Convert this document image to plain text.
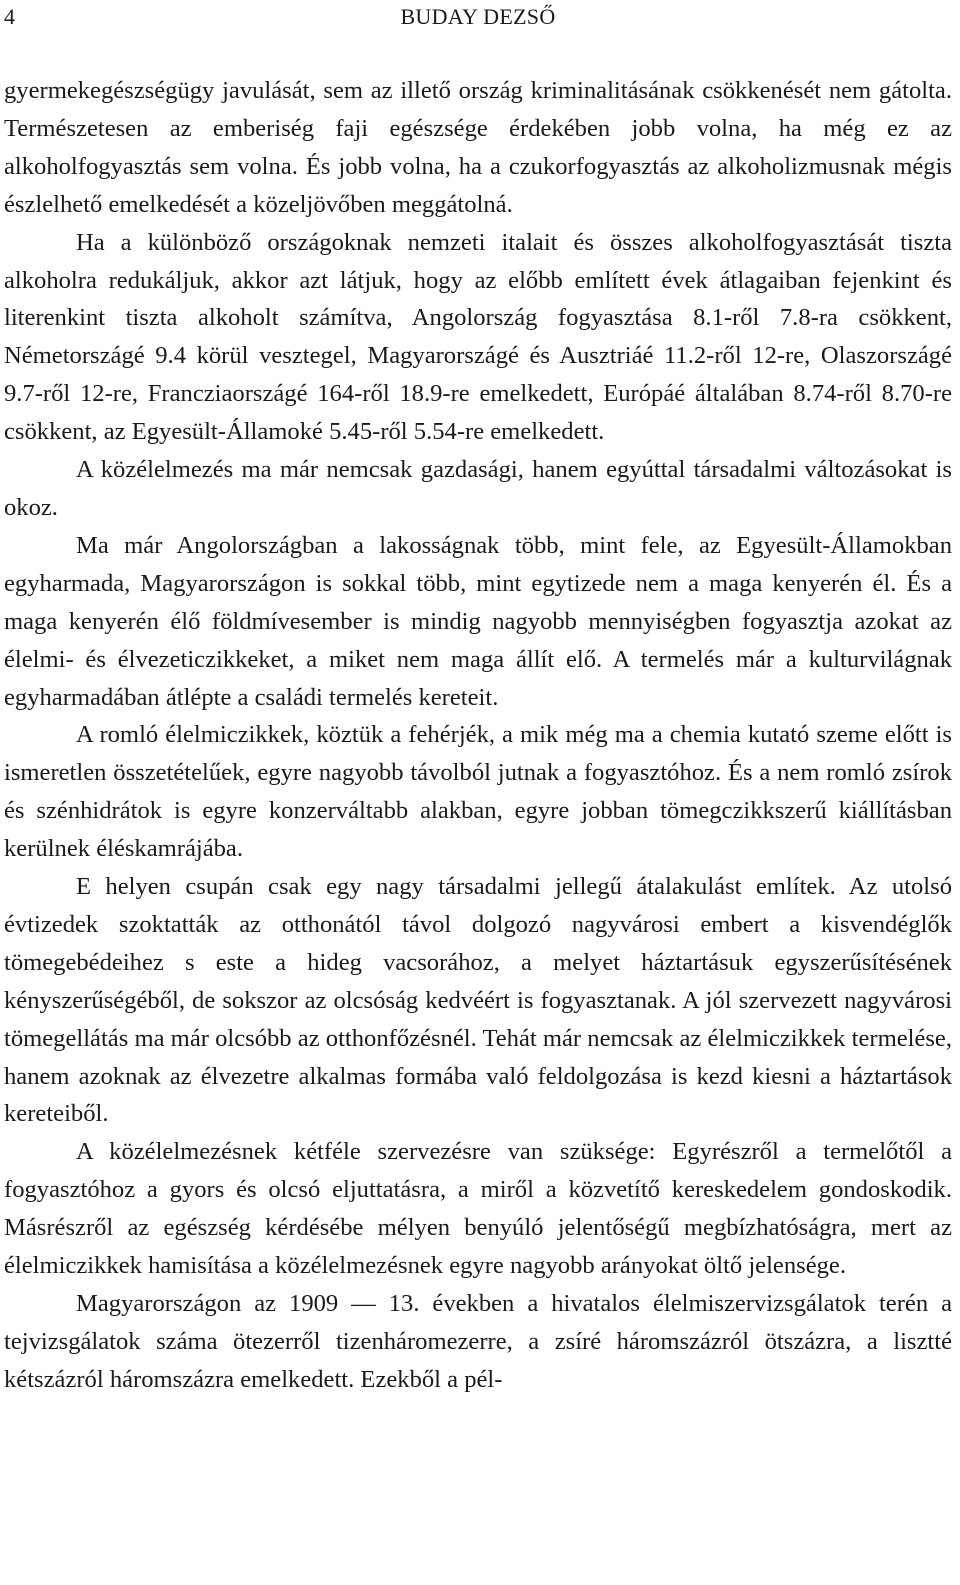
4	BUDAY DEZSŐ

gyermekegészségügy javulását, sem az illető ország kriminalitásának csökkenését nem gátolta. Természetesen az emberiség faji egészsége érdekében jobb volna, ha még ez az alkoholfogyasztás sem volna. És jobb volna, ha a czukorfogyasztás az alkoholizmusnak mégis észlelhető emelkedését a közeljövőben meggátolná.

Ha a különböző országoknak nemzeti italait és összes alkoholfogyasztását tiszta alkoholra redukáljuk, akkor azt látjuk, hogy az előbb említett évek átlagaiban fejenkint és literenkint tiszta alkoholt számítva, Angolország fogyasztása 8.1-ről 7.8-ra csökkent, Németországé 9.4 körül vesztegel, Magyarországé és Ausztriáé 11.2-ről 12-re, Olaszországé 9.7-ről 12-re, Francziaországé 164-ről 18.9-re emelkedett, Európáé általában 8.74-ről 8.70-re csökkent, az Egyesült-Államoké 5.45-ről 5.54-re emelkedett.

A közélelmezés ma már nemcsak gazdasági, hanem egyúttal társadalmi változásokat is okoz.

Ma már Angolországban a lakosságnak több, mint fele, az Egyesült-Államokban egyharmada, Magyarországon is sokkal több, mint egytizede nem a maga kenyerén él. És a maga kenyerén élő földmívesember is mindig nagyobb mennyiségben fogyasztja azokat az élelmi- és élvezeticzikkeket, a miket nem maga állít elő. A termelés már a kulturvilágnak egyharmadában átlépte a családi termelés kereteit.

A romló élelmiczikkek, köztük a fehérjék, a mik még ma a chemia kutató szeme előtt is ismeretlen összetételűek, egyre nagyobb távolból jutnak a fogyasztóhoz. És a nem romló zsírok és szénhidrátok is egyre konzerváltabb alakban, egyre jobban tömegczikkszerű kiállításban kerülnek éléskamrájába.

E helyen csupán csak egy nagy társadalmi jellegű átalakulást említek. Az utolsó évtizedek szoktatták az otthonától távol dolgozó nagyvárosi embert a kisvendéglők tömegebédeihez s este a hideg vacsorához, a melyet háztartásuk egyszerűsítésének kényszerűségéből, de sokszor az olcsóság kedvéért is fogyasztanak. A jól szervezett nagyvárosi tömegellátás ma már olcsóbb az otthonfőzésnél. Tehát már nemcsak az élelmiczikkek termelése, hanem azoknak az élvezetre alkalmas formába való feldolgozása is kezd kiesni a háztartások kereteiből.

A közélelmezésnek kétféle szervezésre van szüksége: Egyrészről a termelőtől a fogyasztóhoz a gyors és olcsó eljuttatásra, a miről a közvetítő kereskedelem gondoskodik. Másrészről az egészség kérdésébe mélyen benyúló jelentőségű megbízhatóságra, mert az élelmiczikkek hamisítása a közélelmezésnek egyre nagyobb arányokat öltő jelensége.

Magyarországon az 1909 — 13. években a hivatalos élelmiszervizsgálatok terén a tejvizsgálatok száma ötezerről tizenháromezerre, a zsíré háromszázról ötszázra, a lisztté kétszázról háromszázra emelkedett. Ezekből a pél-
